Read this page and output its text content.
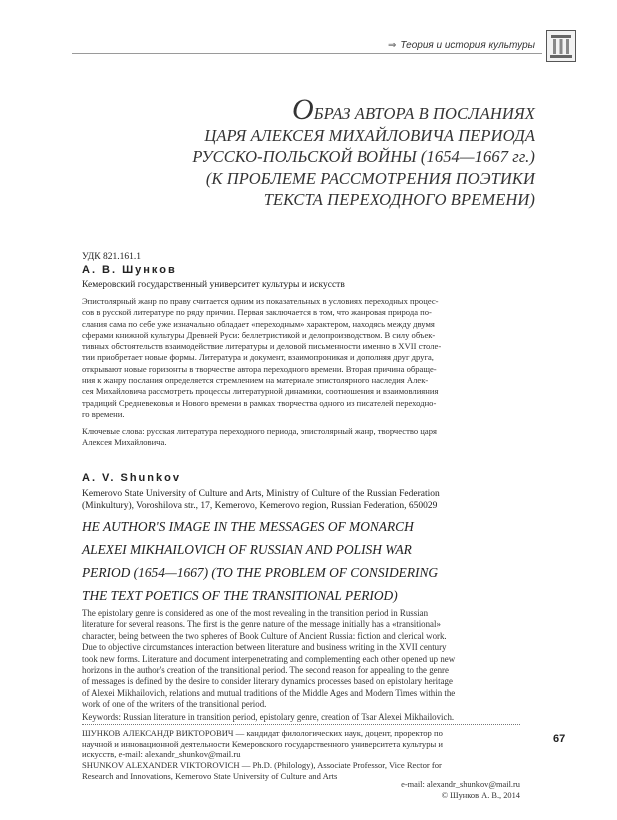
⇒ Теория и история культуры
ОБРАЗ АВТОРА В ПОСЛАНИЯХ
ЦАРЯ АЛЕКСЕЯ МИХАЙЛОВИЧА ПЕРИОДА
РУССКО-ПОЛЬСКОЙ ВОЙНЫ (1654—1667 гг.)
(К ПРОБЛЕМЕ РАССМОТРЕНИЯ ПОЭТИКИ
ТЕКСТА ПЕРЕХОДНОГО ВРЕМЕНИ)
УДК 821.161.1
А. В. Шунков
Кемеровский государственный университет культуры и искусств
Эпистолярный жанр по праву считается одним из показательных в условиях переходных процес-
сов в русской литературе по ряду причин. Первая заключается в том, что жанровая природа по-
слания сама по себе уже изначально обладает «переходным» характером, находясь между двумя
сферами книжной культуры Древней Руси: беллетристикой и делопроизводством. В силу объек-
тивных обстоятельств взаимодействие литературы и деловой письменности именно в XVII столе-
тии приобретает новые формы. Литература и документ, взаимопроникая и дополняя друг друга,
открывают новые горизонты в творчестве автора переходного времени. Вторая причина обраще-
ния к жанру послания определяется стремлением на материале эпистолярного наследия Алек-
сея Михайловича рассмотреть процессы литературной динамики, соотношения и взаимовлияния
традиций Средневековья и Нового времени в рамках творчества одного из писателей переходно-
го времени.
Ключевые слова: русская литература переходного периода, эпистолярный жанр, творчество царя
Алексея Михайловича.
A. V. Shunkov
Kemerovo State University of Culture and Arts, Ministry of Culture of the Russian Federation
(Minkultury), Voroshilova str., 17, Kemerovo, Kemerovo region, Russian Federation, 650029
HE AUTHOR'S IMAGE IN THE MESSAGES OF MONARCH
ALEXEI MIKHAILOVICH OF RUSSIAN AND POLISH WAR
PERIOD (1654—1667) (TO THE PROBLEM OF CONSIDERING
THE TEXT POETICS OF THE TRANSITIONAL PERIOD)
The epistolary genre is considered as one of the most revealing in the transition period in Russian
literature for several reasons. The first is the genre nature of the message initially has a «transitional»
character, being between the two spheres of Book Culture of Ancient Russia: fiction and clerical work.
Due to objective circumstances interaction between literature and business writing in the XVII century
took new forms. Literature and document interpenetrating and complementing each other opened up new
horizons in the author's creation of the transitional period. The second reason for appealing to the genre
of messages is defined by the desire to consider literary dynamics processes based on epistolary heritage
of Alexei Mikhailovich, relations and mutual traditions of the Middle Ages and Modern Times within the
work of one of the writers of the transitional period.
Keywords: Russian literature in transition period, epistolary genre, creation of Tsar Alexei Mikhailovich.
ШУНКОВ АЛЕКСАНДР ВИКТОРОВИЧ — кандидат филологических наук, доцент, проректор по
научной и инновационной деятельности Кемеровского государственного университета культуры и
искусств, e-mail: alexandr_shunkov@mail.ru
SHUNKOV ALEXANDER VIKTOROVICH — Ph.D. (Philology), Associate Professor, Vice Rector for
Research and Innovations, Kemerovo State University of Culture and Arts
e-mail: alexandr_shunkov@mail.ru
© Шунков А. В., 2014
67
